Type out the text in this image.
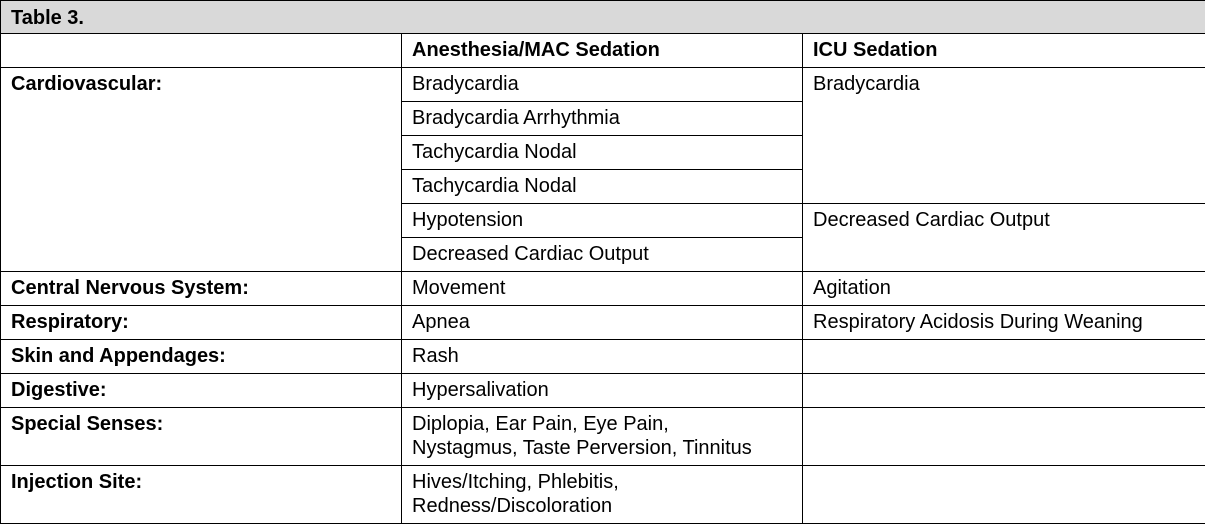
Table 3.		
	Anesthesia/MAC Sedation	ICU Sedation
Cardiovascular:	Bradycardia	Bradycardia
	Bradycardia Arrhythmia	
	Tachycardia Nodal	
	Tachycardia Nodal	
	Hypotension	Decreased Cardiac Output
	Decreased Cardiac Output	
Central Nervous System:	Movement	Agitation
Respiratory:	Apnea	Respiratory Acidosis During Weaning
Skin and Appendages:	Rash	
Digestive:	Hypersalivation	
Special Senses:	Diplopia, Ear Pain, Eye Pain,
Nystagmus, Taste Perversion, Tinnitus	

Injection Site:	Hives/Itching, Phlebitis,
Redness/Discoloration	
